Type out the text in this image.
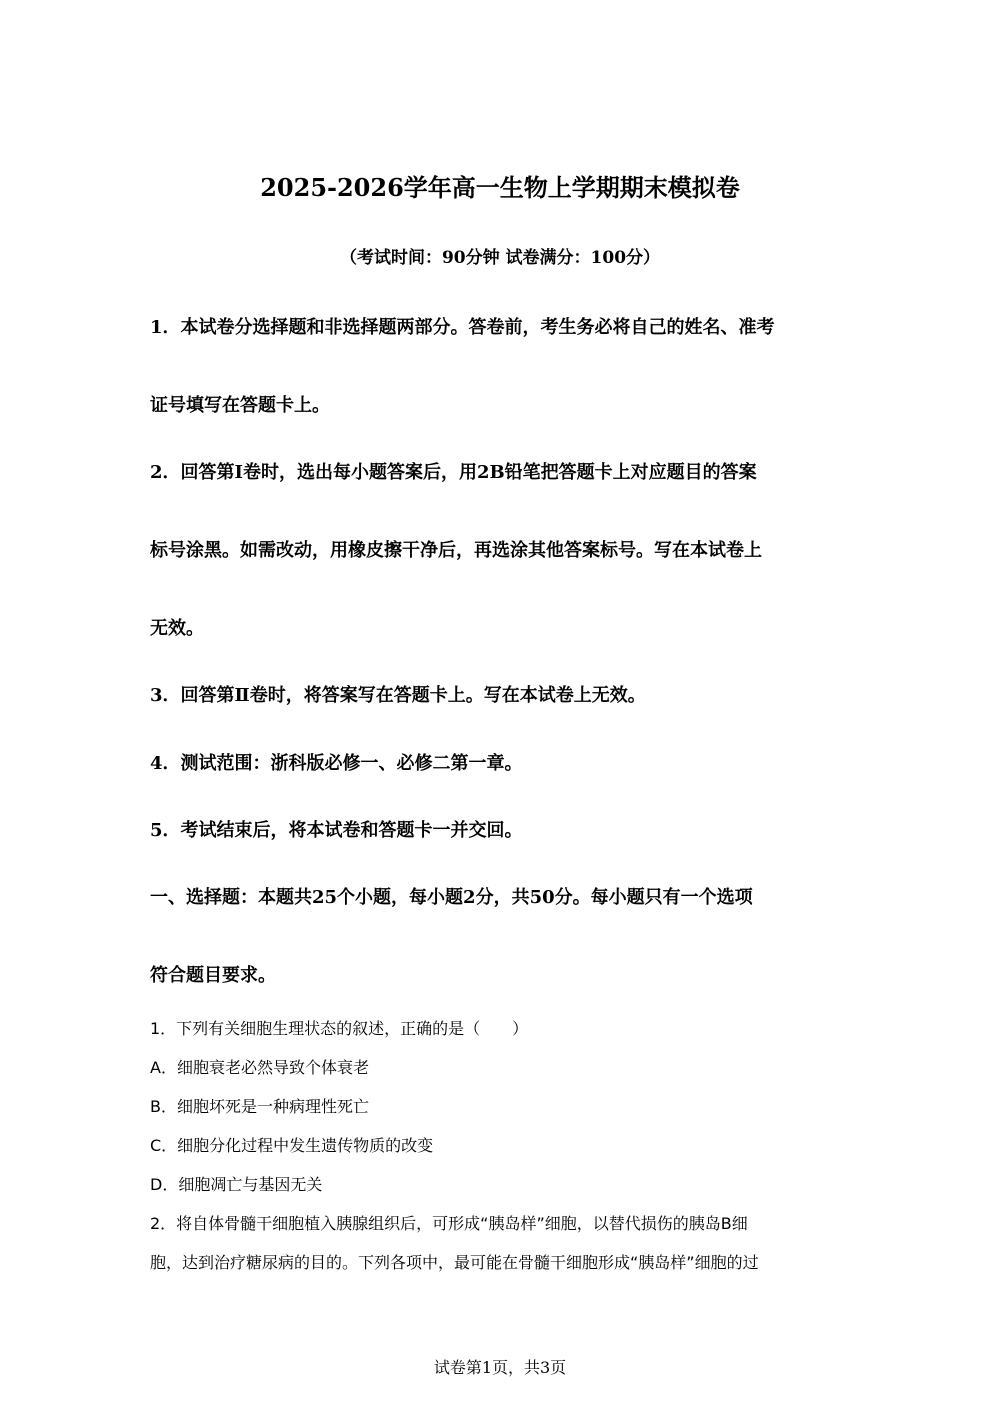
2025-2026学年高一生物上学期期末模拟卷
（考试时间：90分钟 试卷满分：100分）
1．本试卷分选择题和非选择题两部分。答卷前，考生务必将自己的姓名、准考
证号填写在答题卡上。
2．回答第Ⅰ卷时，选出每小题答案后，用2B铅笔把答题卡上对应题目的答案
标号涂黑。如需改动，用橡皮擦干净后，再选涂其他答案标号。写在本试卷上
无效。
3．回答第Ⅱ卷时，将答案写在答题卡上。写在本试卷上无效。
4．测试范围：浙科版必修一、必修二第一章。
5．考试结束后，将本试卷和答题卡一并交回。
一、选择题：本题共25个小题，每小题2分，共50分。每小题只有一个选项
符合题目要求。
1．下列有关细胞生理状态的叙述，正确的是（　　）
A．细胞衰老必然导致个体衰老
B．细胞坏死是一种病理性死亡
C．细胞分化过程中发生遗传物质的改变
D．细胞凋亡与基因无关
2．将自体骨髓干细胞植入胰腺组织后，可形成“胰岛样”细胞，以替代损伤的胰岛B细
胞，达到治疗糖尿病的目的。下列各项中，最可能在骨髓干细胞形成“胰岛样”细胞的过
试卷第1页，共3页
